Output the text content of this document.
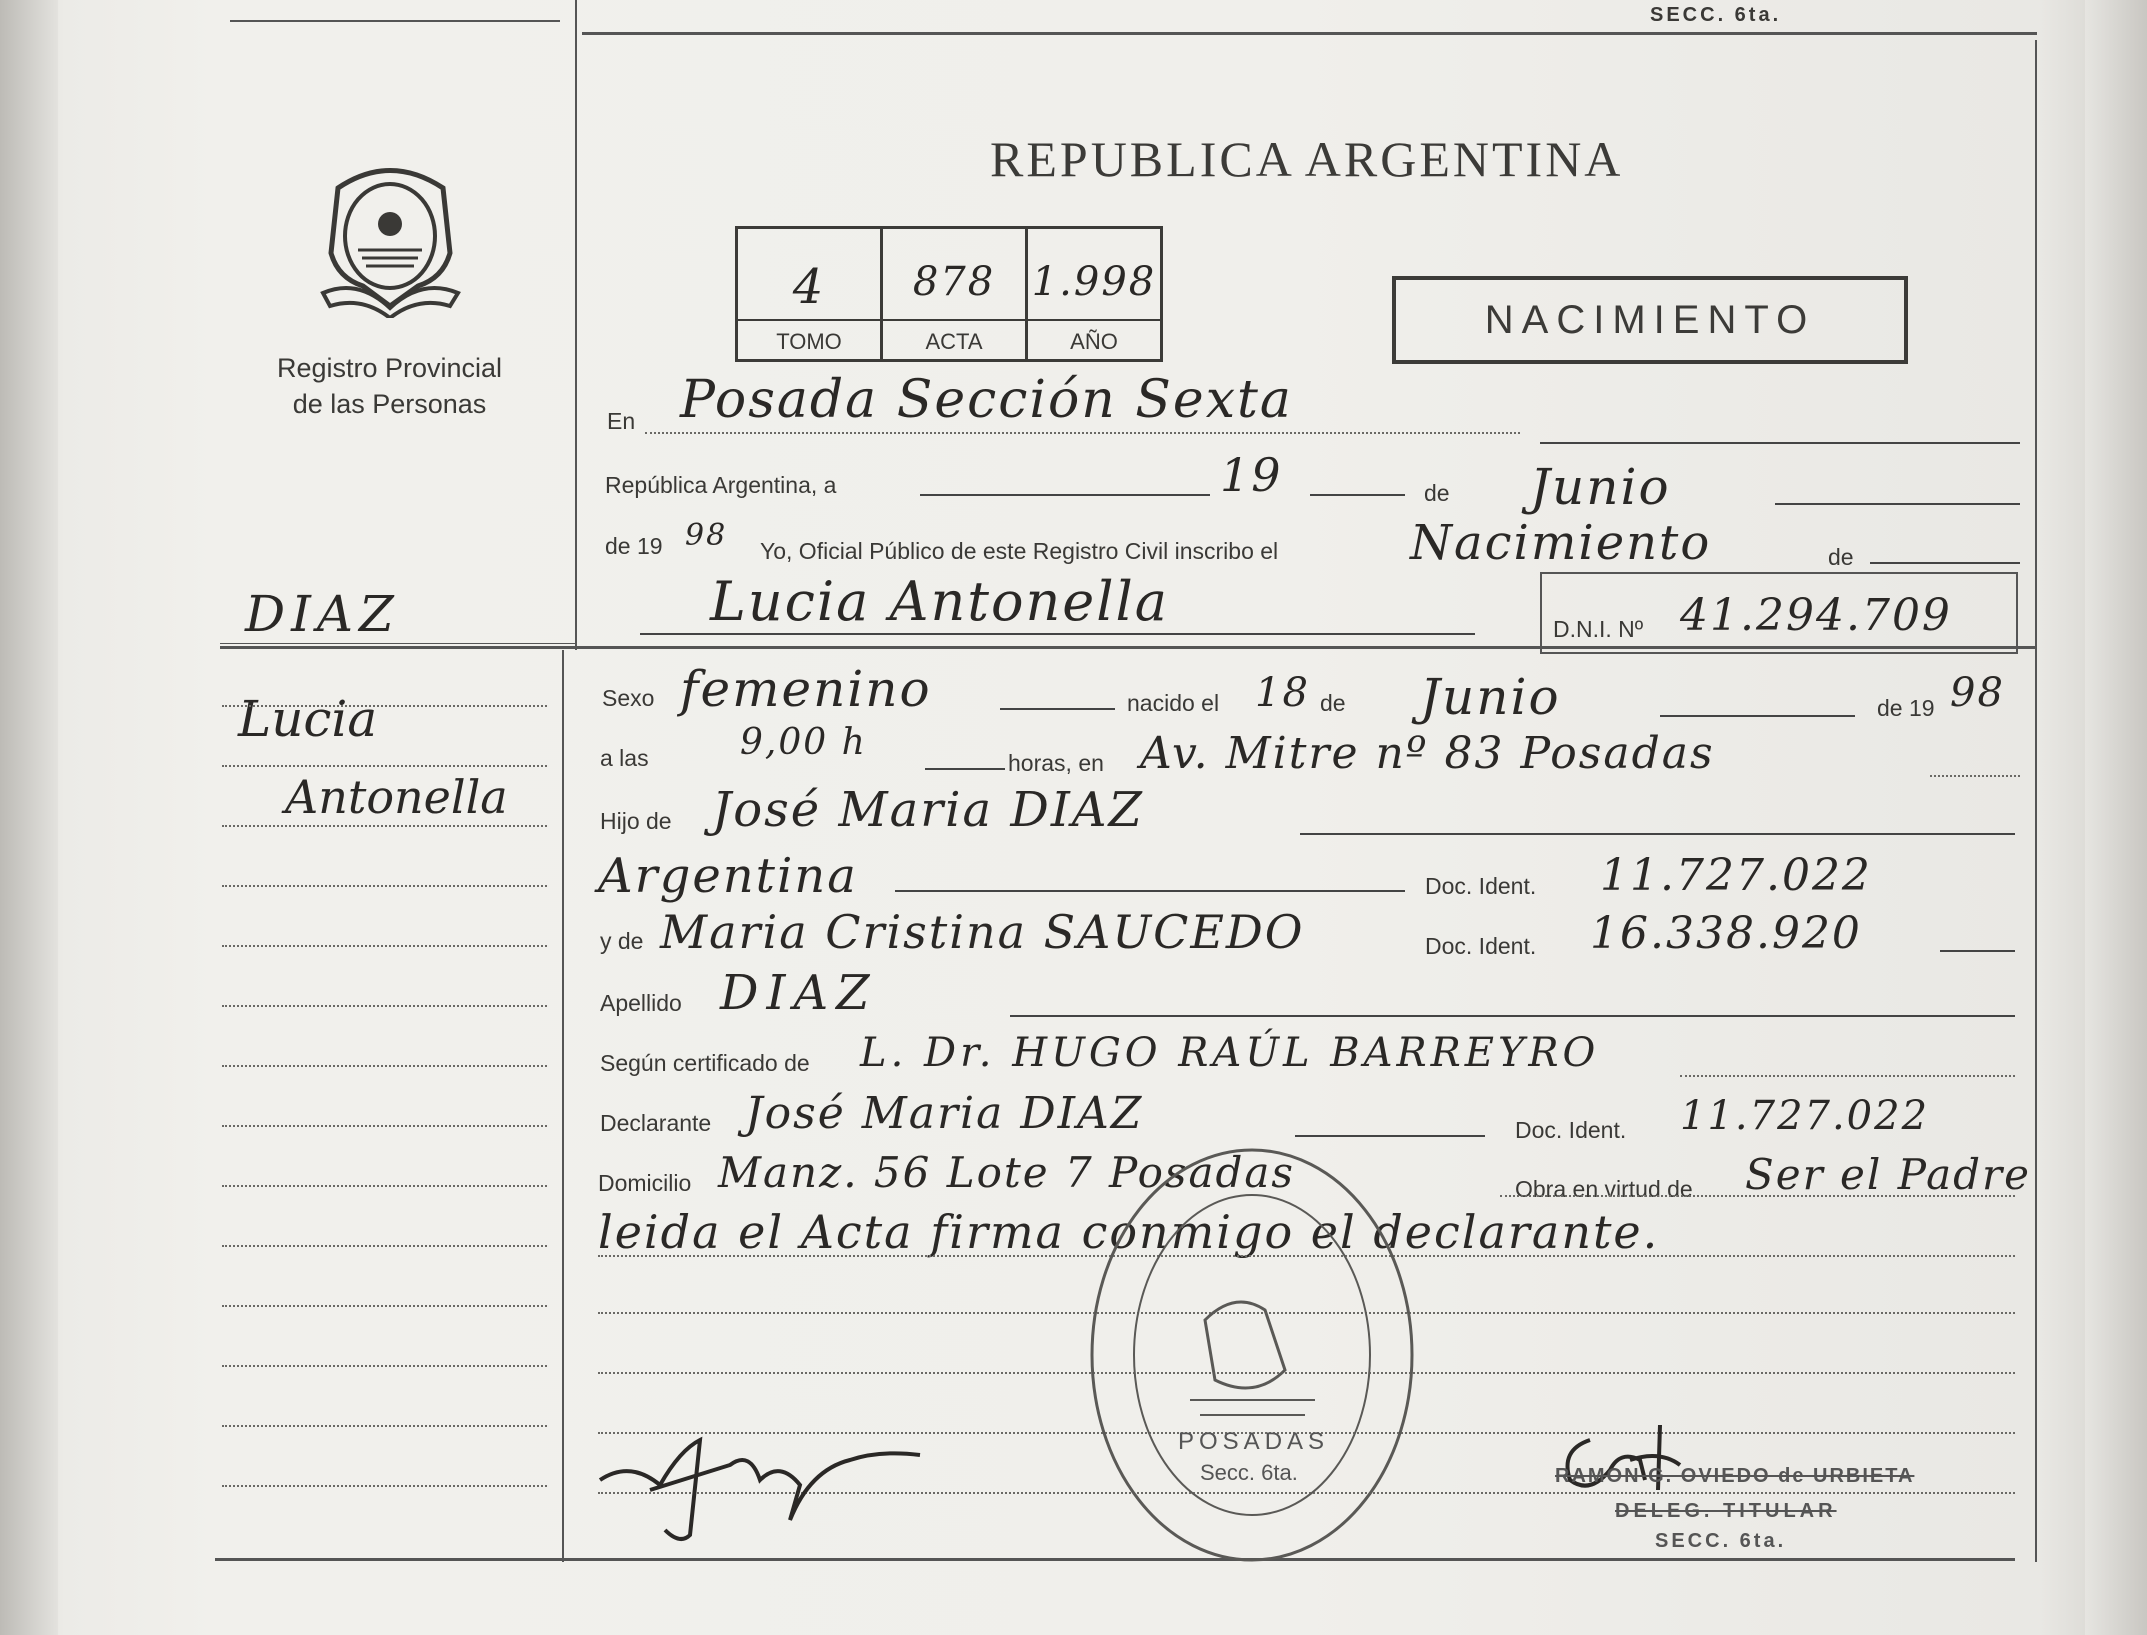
SECC. 6ta.
Registro Provincial
de las Personas
REPUBLICA ARGENTINA
4	878 1.998
TOMO	ACTA	AÑO	NACIMIENTO
DIAZ
Lucia
Antonella
En Posada Sección Sexta
República Argentina, a	19	de Junio
de 19 98 Yo, Oficial Público de este Registro Civil inscribo el	Nacimiento	de
Lucia Antonella	D.N.I. Nº 41.294.709
Sexo femenino	nacido el 18 de Junio	de 19 98
a las	9,00 h	horas, en Av. Mitre nº 83 Posadas
Hijo de José Maria DIAZ
Argentina	Doc. Ident. 11.727.022
y de Maria Cristina SAUCEDO	Doc. Ident. 16.338.920
Apellido DIAZ
Según certificado de L. Dr. HUGO RAÚL BARREYRO
Declarante José Maria DIAZ	Doc. Ident. 11.727.022
Domicilio Manz. 56 Lote 7 Posadas	Obra en virtud de Ser el Padre
leida el Acta firma conmigo el declarante.
POSADAS
Secc. 6ta.	RAMON G. OVIEDO de URBIETA
DELEG. TITULAR
SECC. 6ta.
